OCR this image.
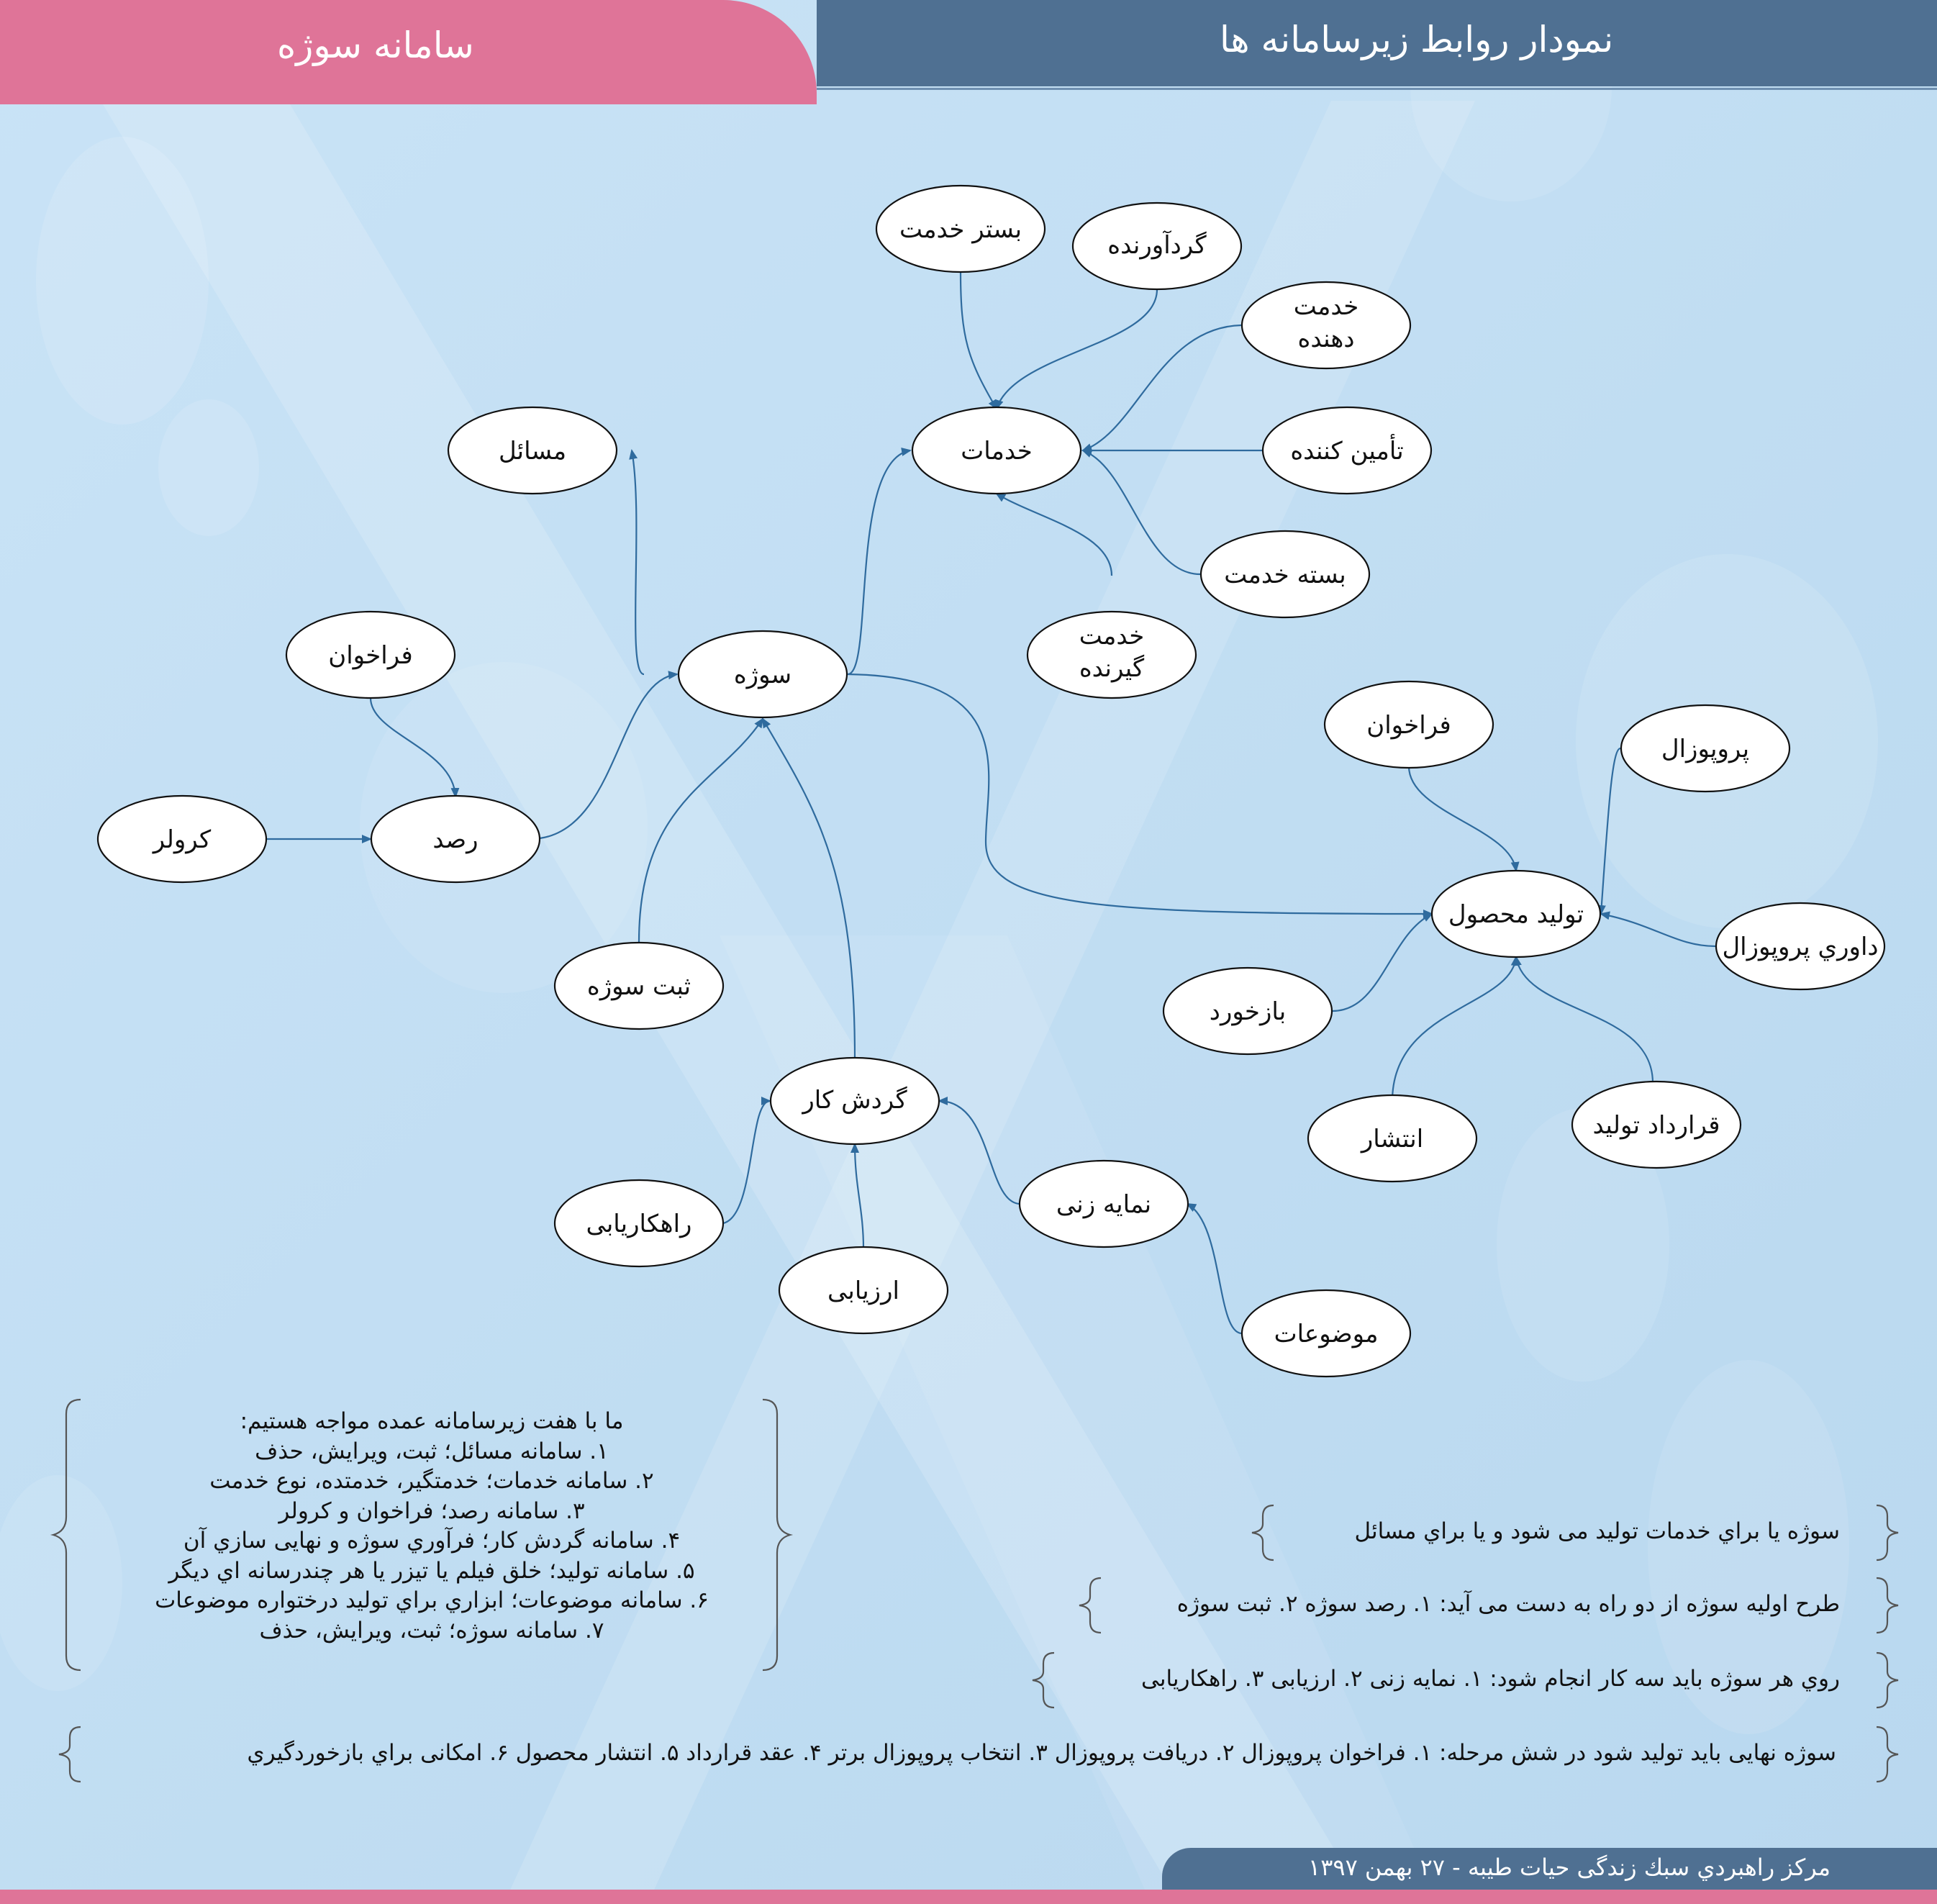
سامانه سوژه	نمودار روابط زيرسامانه ها
بستر خدمت
گردآورنده
خدمت
دهنده
تأمین کننده
خدمات
بسته خدمت
خدمت
گیرنده
مسائل
فراخوان
سوژه
کرولر	رصد
فراخوان
پروپوزال
تولید محصول
داوري پروپوزال
ثبت سوژه
بازخورد
گردش کار
انتشار	قرارداد تولید
راهکاریابی
نمایه زنی
ارزیابی
موضوعات
ما با هفت زيرسامانه عمده مواجه هستيم:
۱. سامانه مسائل؛ ثبت، ويرايش، حذف
۲. سامانه خدمات؛ خدمتگير، خدمتده، نوع خدمت
۳. سامانه رصد؛ فراخوان و کرولر
۴. سامانه گردش کار؛ فرآوري سوژه و نهايی سازي آن
۵. سامانه توليد؛ خلق فيلم يا تيزر يا هر چندرسانه اي ديگر
۶. سامانه موضوعات؛ ابزاري براي توليد درختواره موضوعات
۷. سامانه سوژه؛ ثبت، ويرايش، حذف
سوژه يا براي خدمات توليد می شود و يا براي مسائل
طرح اوليه سوژه از دو راه به دست می آيد: ۱. رصد سوژه ۲. ثبت سوژه
روي هر سوژه بايد سه کار انجام شود: ۱. نمايه زنی ۲. ارزيابی ۳. راهکاريابی
سوژه نهايی بايد توليد شود در شش مرحله: ۱. فراخوان پروپوزال ۲. دريافت پروپوزال ۳. انتخاب پروپوزال برتر ۴. عقد قرارداد ۵. انتشار محصول ۶. امکانی براي بازخوردگيري
مرکز راهبردي سبك زندگی حيات طيبه - ۲۷ بهمن ۱۳۹۷
